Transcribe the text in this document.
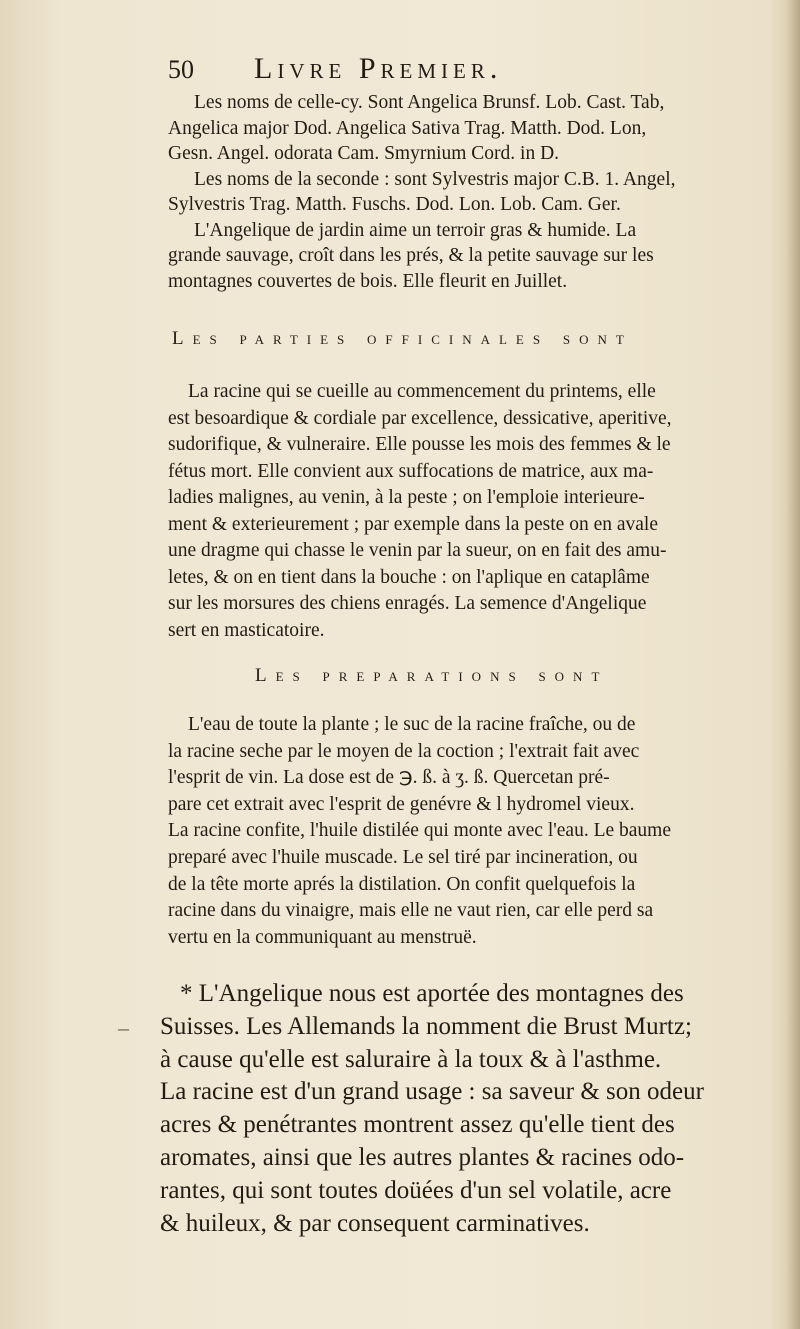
50 Livre Premier.
Les noms de celle-cy. Sont Angelica Brunsf. Lob. Cast. Tab,
Angelica major Dod. Angelica Sativa Trag. Matth. Dod. Lon,
Gesn. Angel. odorata Cam. Smyrnium Cord. in D.
Les noms de la seconde : sont Sylvestris major C.B. 1. Angel,
Sylvestris Trag. Matth. Fuschs. Dod. Lon. Lob. Cam. Ger.
L'Angelique de jardin aime un terroir gras & humide. La
grande sauvage, croît dans les prés, & la petite sauvage sur les
montagnes couvertes de bois. Elle fleurit en Juillet.
Les parties officinales sont
La racine qui se cueille au commencement du printems, elle
est besoardique & cordiale par excellence, dessicative, aperitive,
sudorifique, & vulneraire. Elle pousse les mois des femmes & le
fétus mort. Elle convient aux suffocations de matrice, aux ma-
ladies malignes, au venin, à la peste ; on l'emploie interieure-
ment & exterieurement ; par exemple dans la peste on en avale
une dragme qui chasse le venin par la sueur, on en fait des amu-
letes, & on en tient dans la bouche : on l'aplique en cataplâme
sur les morsures des chiens enragés. La semence d'Angelique
sert en masticatoire.
Les preparations sont
L'eau de toute la plante ; le suc de la racine fraîche, ou de
la racine seche par le moyen de la coction ; l'extrait fait avec
l'esprit de vin. La dose est de ℈. ß. à ʒ. ß. Quercetan pré-
pare cet extrait avec l'esprit de genévre & l hydromel vieux.
La racine confite, l'huile distilée qui monte avec l'eau. Le baume
preparé avec l'huile muscade. Le sel tiré par incineration, ou
de la tête morte aprés la distilation. On confit quelquefois la
racine dans du vinaigre, mais elle ne vaut rien, car elle perd sa
vertu en la communiquant au menstruë.
–
* L'Angelique nous est aportée des montagnes des
Suisses. Les Allemands la nomment die Brust Murtz;
à cause qu'elle est saluraire à la toux & à l'asthme.
La racine est d'un grand usage : sa saveur & son odeur
acres & penétrantes montrent assez qu'elle tient des
aromates, ainsi que les autres plantes & racines odo-
rantes, qui sont toutes doüées d'un sel volatile, acre
& huileux, & par consequent carminatives.
